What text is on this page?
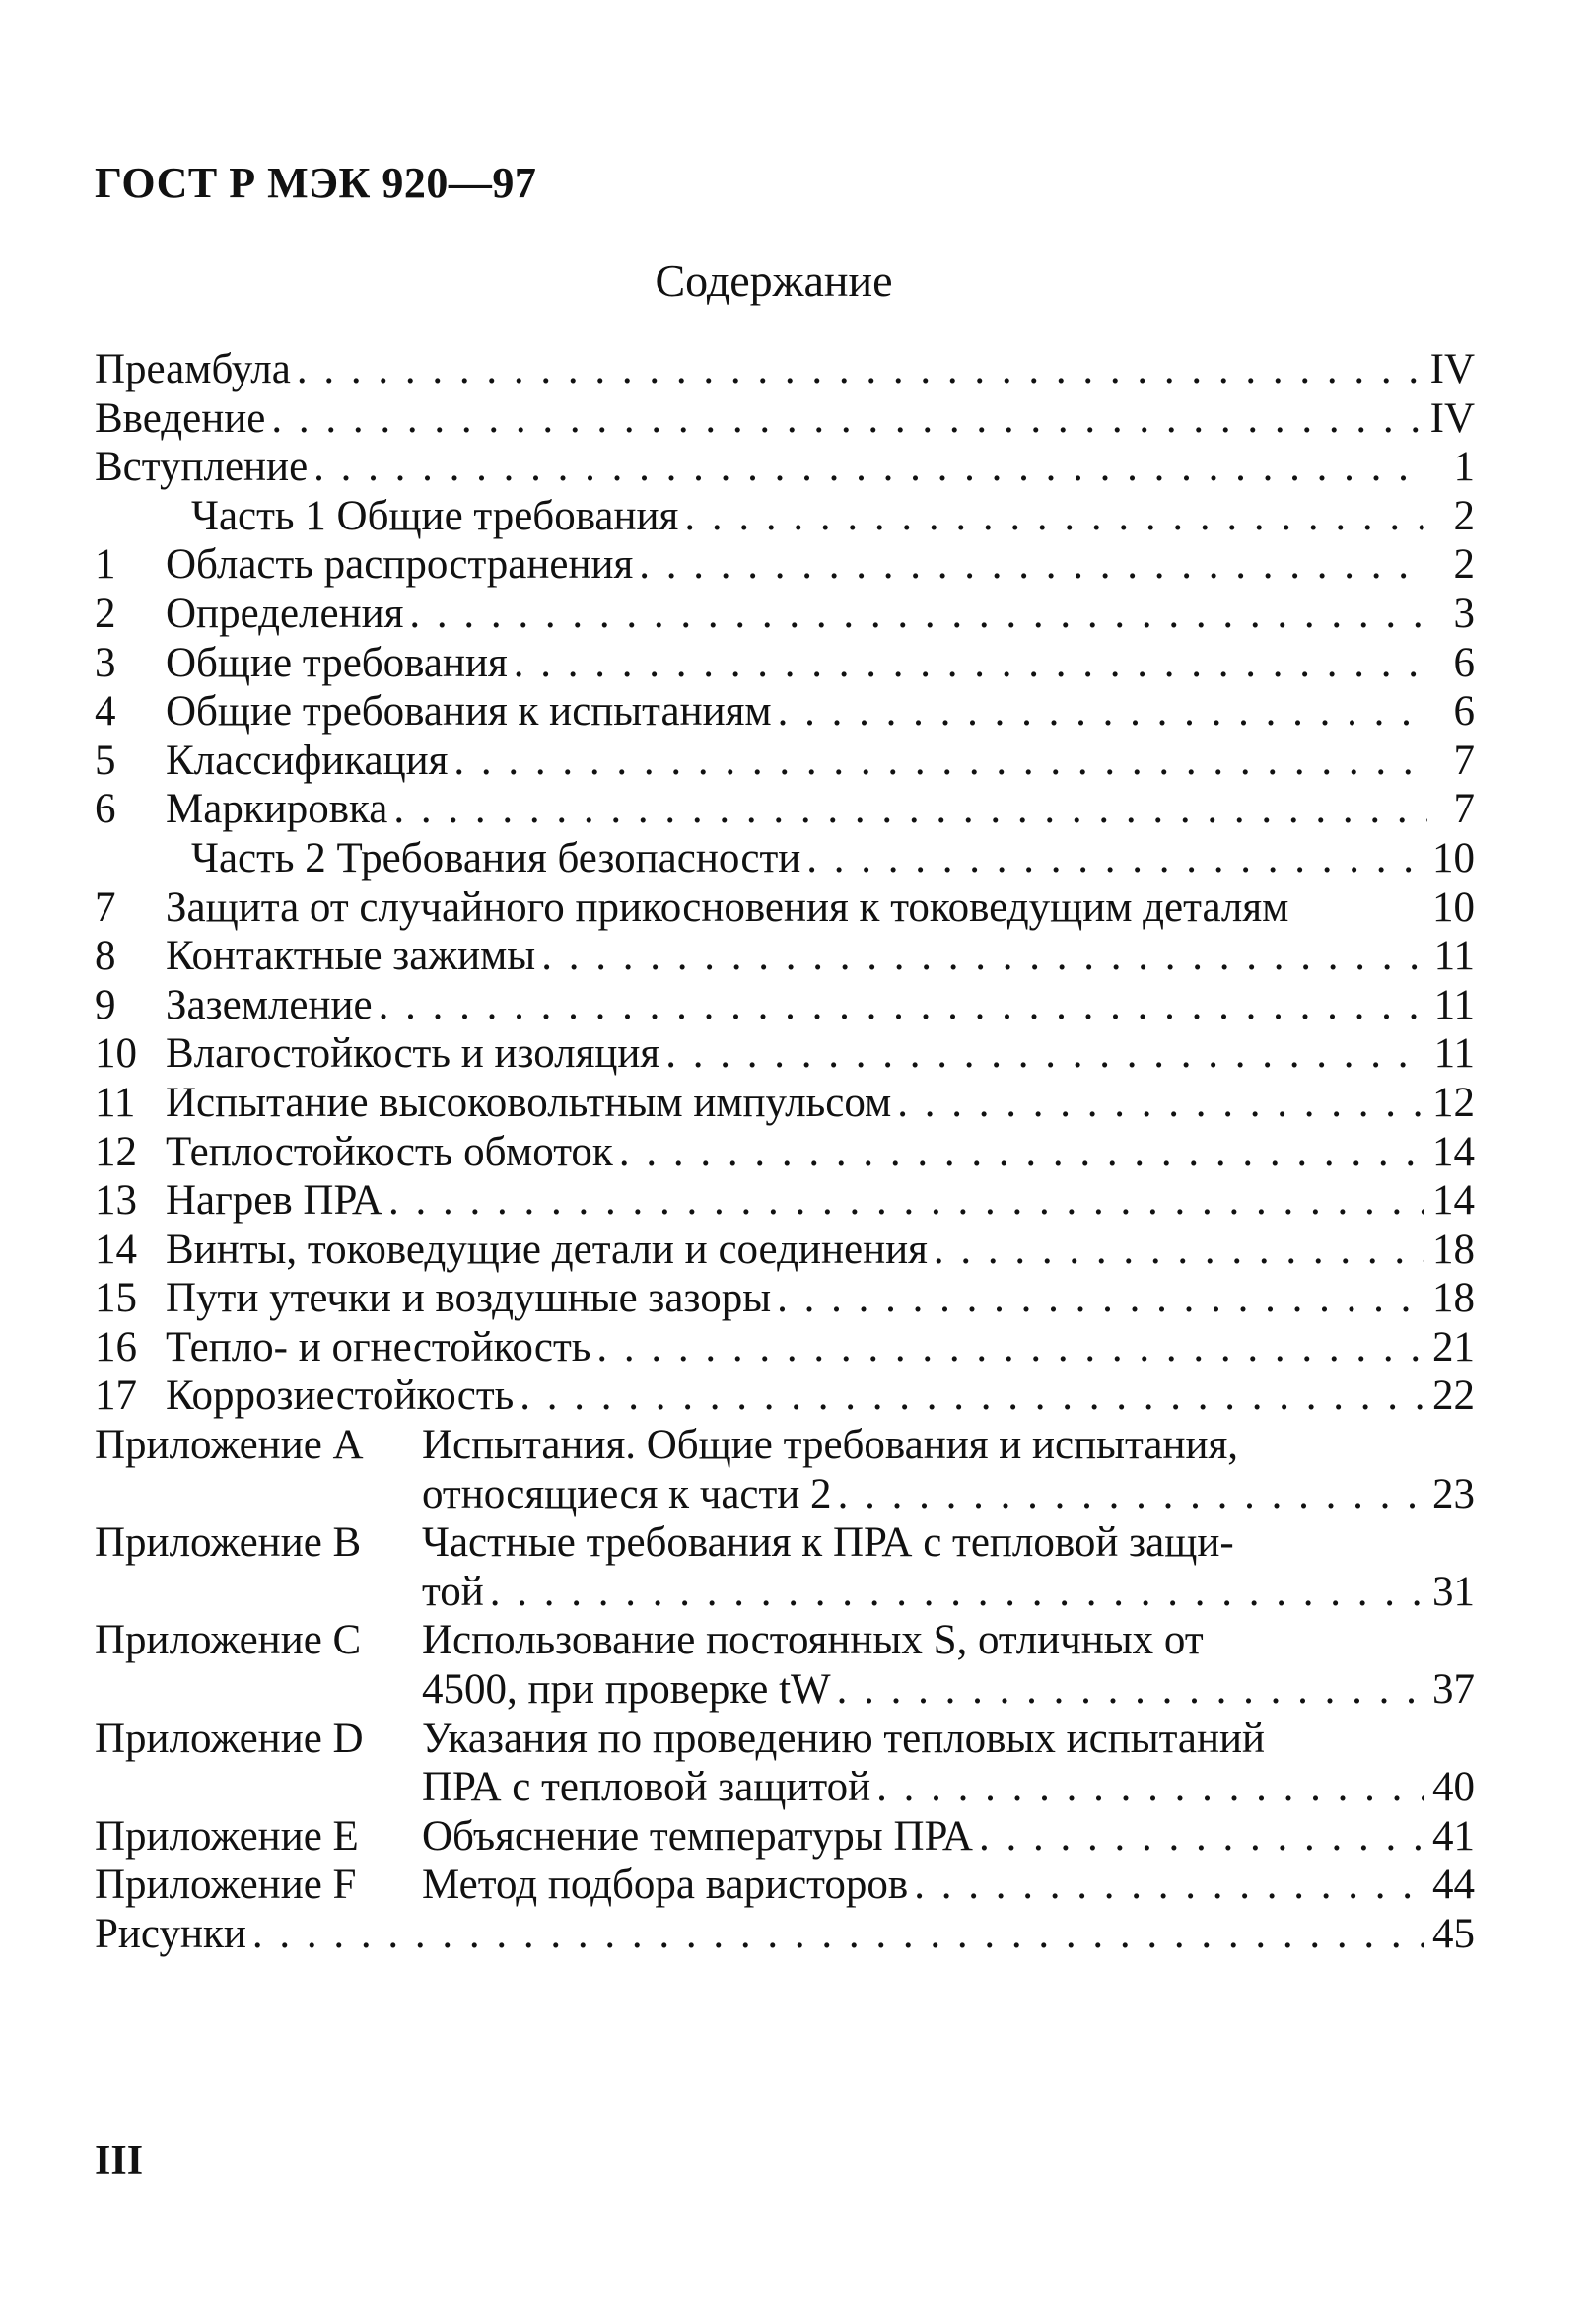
ГОСТ Р МЭК 920—97
Содержание
Преамбула . . .	IV
Введение . . .	IV
Вступление . . .	1
Часть 1 Общие требования . . .	2
1	Область распространения . . .	2
2	Определения . . .	3
3	Общие требования . . .	6
4	Общие требования к испытаниям . . .	6
5	Классификация . . .	7
6	Маркировка . . .	7
Часть 2 Требования безопасности . . .	10
7	Защита от случайного прикосновения к токоведущим деталям	10
8	Контактные зажимы . . .	11
9	Заземление . . .	11
10 Влагостойкость и изоляция . . .	11
11 Испытание высоковольтным импульсом . . .	12
12 Теплостойкость обмоток . . .	14
13 Нагрев ПРА . . .	14
14 Винты, токоведущие детали и соединения . . .	18
15 Пути утечки и воздушные зазоры . . .	18
16 Тепло- и огнестойкость . . .	21
17 Коррозиестойкость . . .	22
Приложение А Испытания. Общие требования и испытания,
относящиеся к части 2 . . .	23
Приложение В Частные требования к ПРА с тепловой защи-
той . . .	31
Приложение С Использование постоянных S, отличных от
4500, при проверке tW . . .	37
Приложение D Указания по проведению тепловых испытаний
ПРА с тепловой защитой . . .	40
Приложение Е Объяснение температуры ПРА . . .	41
Приложение F Метод подбора варисторов . . .	44
Рисунки . . .	45
III
